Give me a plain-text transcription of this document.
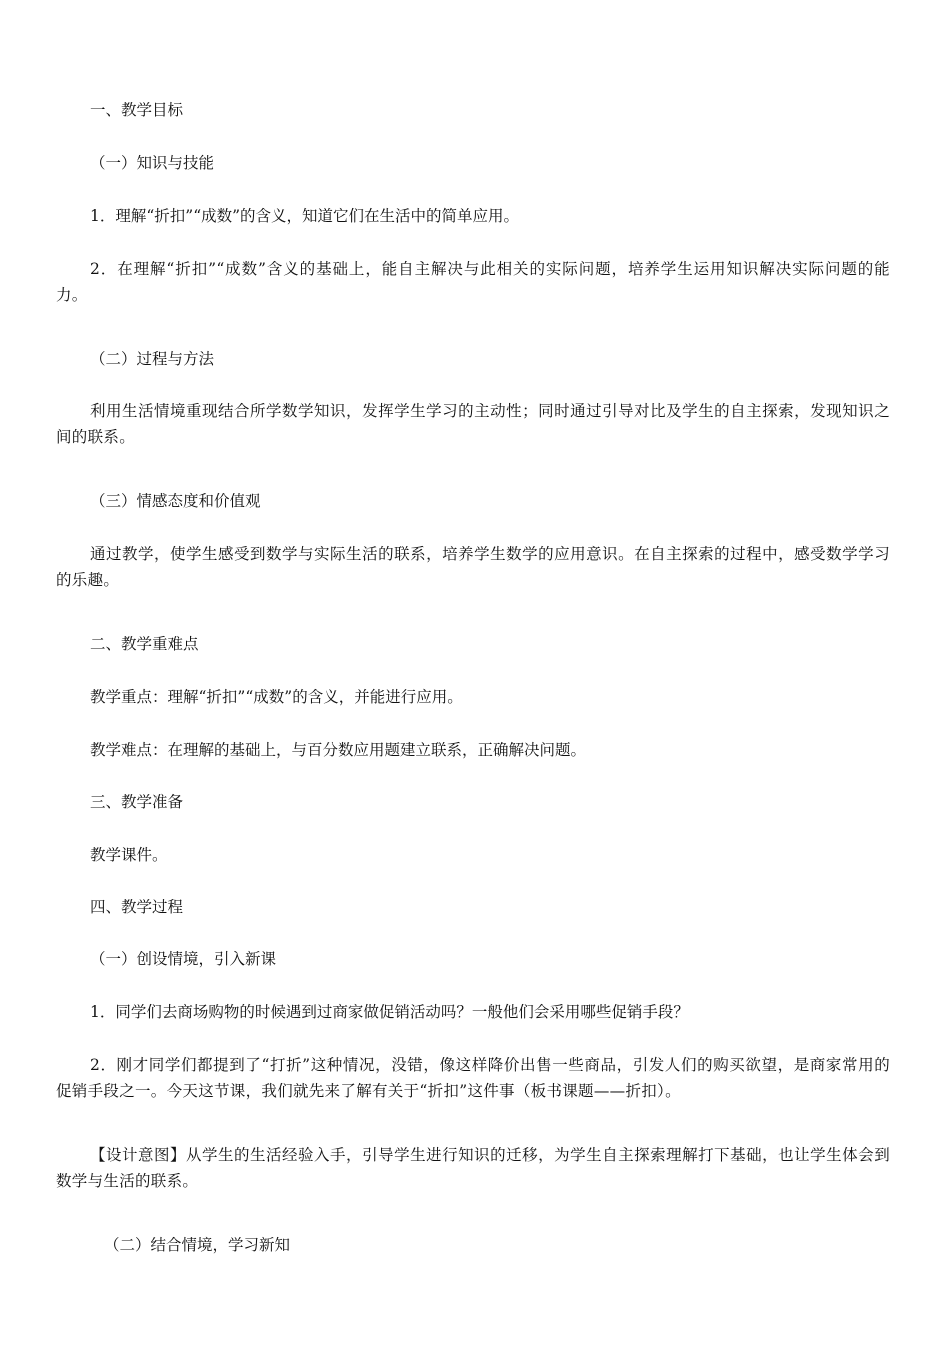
一、教学目标

（一）知识与技能

1．理解“折扣”“成数”的含义，知道它们在生活中的简单应用。

2．在理解“折扣”“成数”含义的基础上，能自主解决与此相关的实际问题，培养学生运用知识解决实际问题的能力。

（二）过程与方法

利用生活情境重现结合所学数学知识，发挥学生学习的主动性；同时通过引导对比及学生的自主探索，发现知识之间的联系。

（三）情感态度和价值观

通过教学，使学生感受到数学与实际生活的联系，培养学生数学的应用意识。在自主探索的过程中，感受数学学习的乐趣。

二、教学重难点

教学重点：理解“折扣”“成数”的含义，并能进行应用。

教学难点：在理解的基础上，与百分数应用题建立联系，正确解决问题。

三、教学准备

教学课件。

四、教学过程

（一）创设情境，引入新课

1．同学们去商场购物的时候遇到过商家做促销活动吗？一般他们会采用哪些促销手段？

2．刚才同学们都提到了“打折”这种情况，没错，像这样降价出售一些商品，引发人们的购买欲望，是商家常用的促销手段之一。今天这节课，我们就先来了解有关于“折扣”这件事（板书课题——折扣）。

【设计意图】从学生的生活经验入手，引导学生进行知识的迁移，为学生自主探索理解打下基础，也让学生体会到数学与生活的联系。

（二）结合情境，学习新知
